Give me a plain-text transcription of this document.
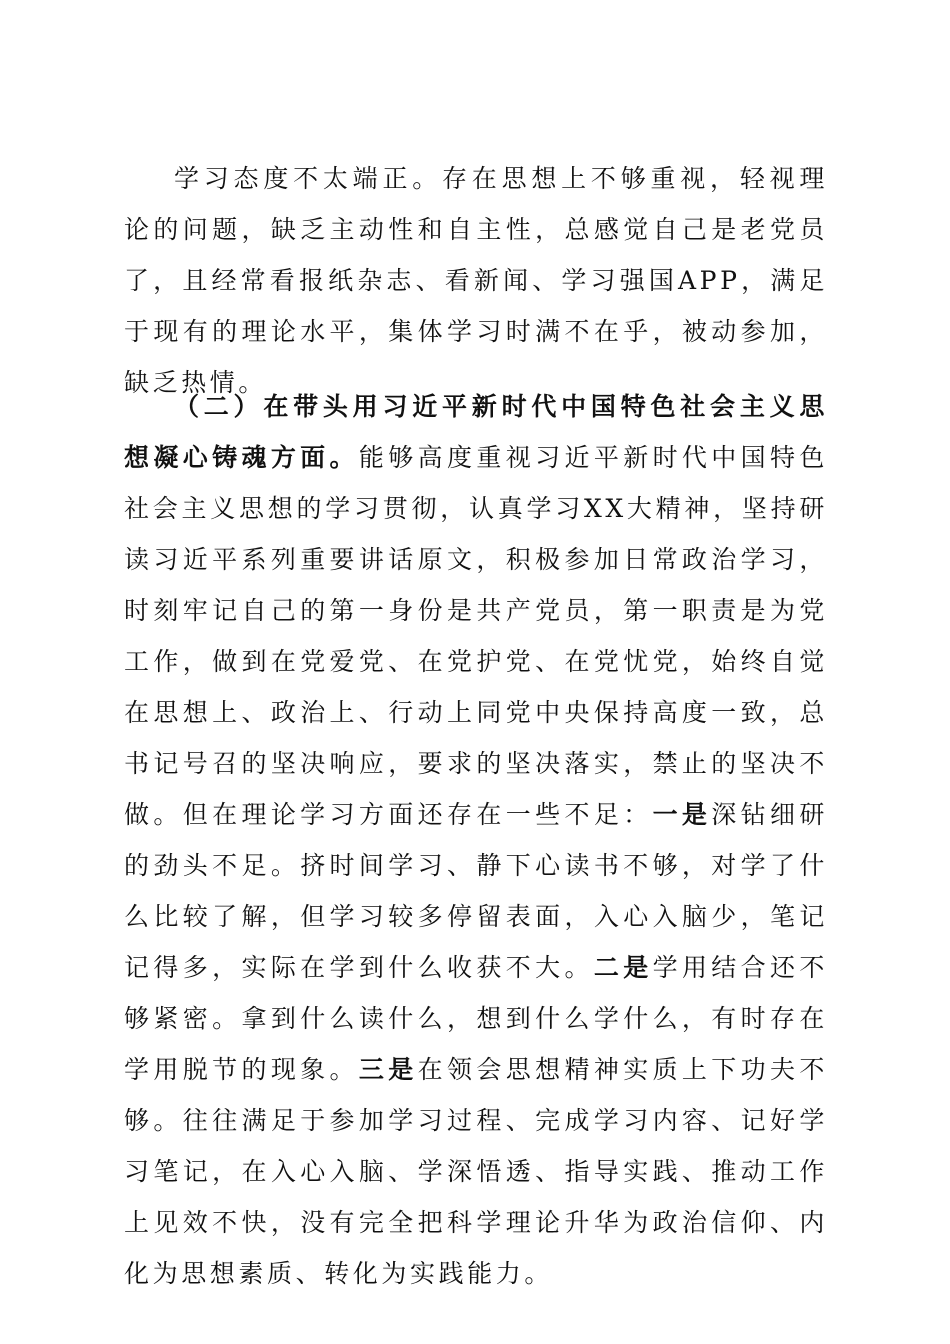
学习态度不太端正。存在思想上不够重视，轻视理论的问题，缺乏主动性和自主性，总感觉自己是老党员了，且经常看报纸杂志、看新闻、学习强国APP，满足于现有的理论水平，集体学习时满不在乎，被动参加，缺乏热情。

（二）在带头用习近平新时代中国特色社会主义思想凝心铸魂方面。能够高度重视习近平新时代中国特色社会主义思想的学习贯彻，认真学习XX大精神，坚持研读习近平系列重要讲话原文，积极参加日常政治学习，时刻牢记自己的第一身份是共产党员，第一职责是为党工作，做到在党爱党、在党护党、在党忧党，始终自觉在思想上、政治上、行动上同党中央保持高度一致，总书记号召的坚决响应，要求的坚决落实，禁止的坚决不做。但在理论学习方面还存在一些不足：一是深钻细研的劲头不足。挤时间学习、静下心读书不够，对学了什么比较了解，但学习较多停留表面，入心入脑少，笔记记得多，实际在学到什么收获不大。二是学用结合还不够紧密。拿到什么读什么，想到什么学什么，有时存在学用脱节的现象。三是在领会思想精神实质上下功夫不够。往往满足于参加学习过程、完成学习内容、记好学习笔记，在入心入脑、学深悟透、指导实践、推动工作上见效不快，没有完全把科学理论升华为政治信仰、内化为思想素质、转化为实践能力。
